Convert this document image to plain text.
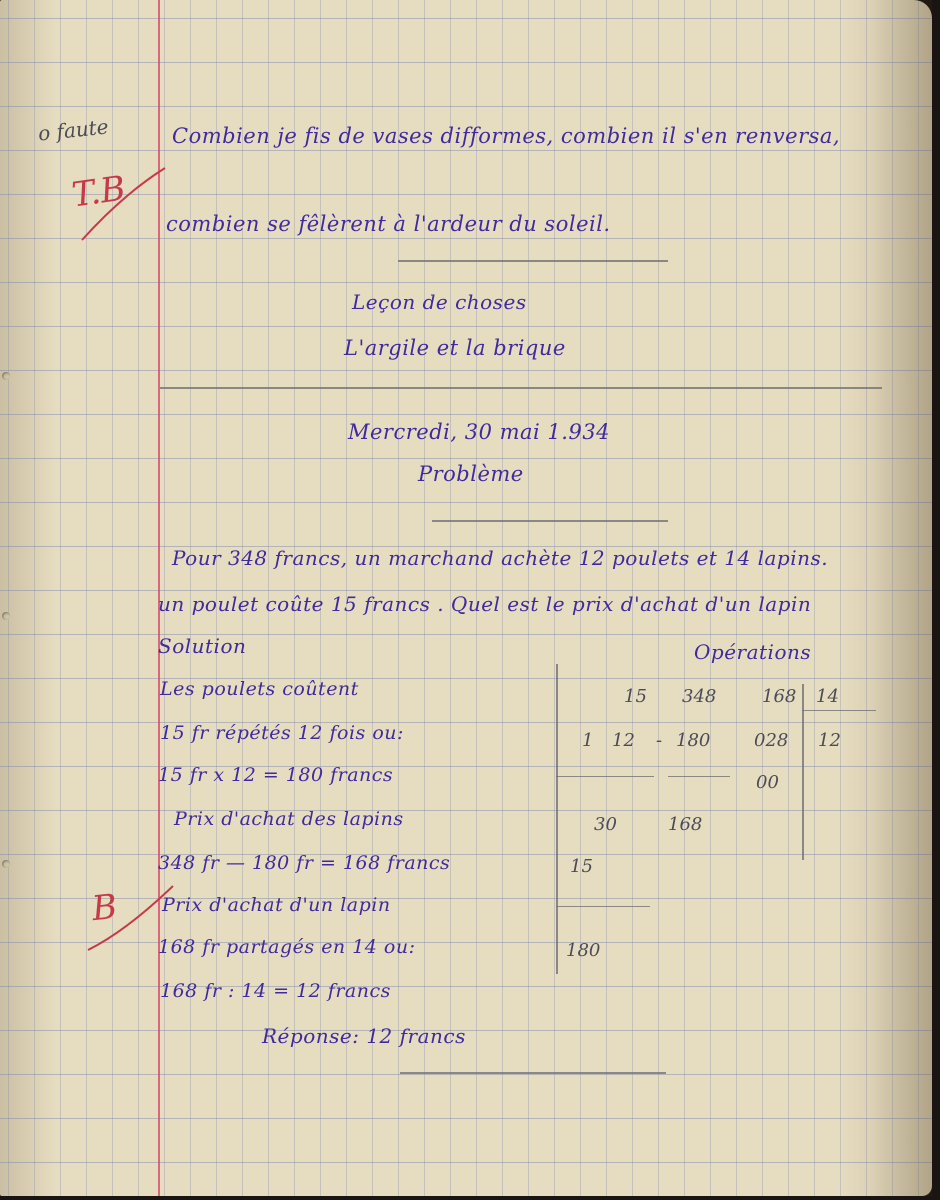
o faute
T.B
B
Combien je fis de vases difformes, combien il s'en renversa,
combien se fêlèrent à l'ardeur du soleil.
Leçon de choses
L'argile et la brique
Mercredi, 30 mai 1.934
Problème
Pour 348 francs, un marchand achète 12 poulets et 14 lapins.
un poulet coûte 15 francs . Quel est le prix d'achat d'un lapin
Solution
Les poulets coûtent
15 fr répétés 12 fois ou:
15 fr x 12 = 180 francs
Prix d'achat des lapins
348 fr — 180 fr = 168 francs
Prix d'achat d'un lapin
168 fr partagés en 14 ou:
168 fr : 14 = 12 francs
Réponse: 12 francs
Opérations
15
1 12
30
15
180
348
- 180
168
168 14
028 12
00
